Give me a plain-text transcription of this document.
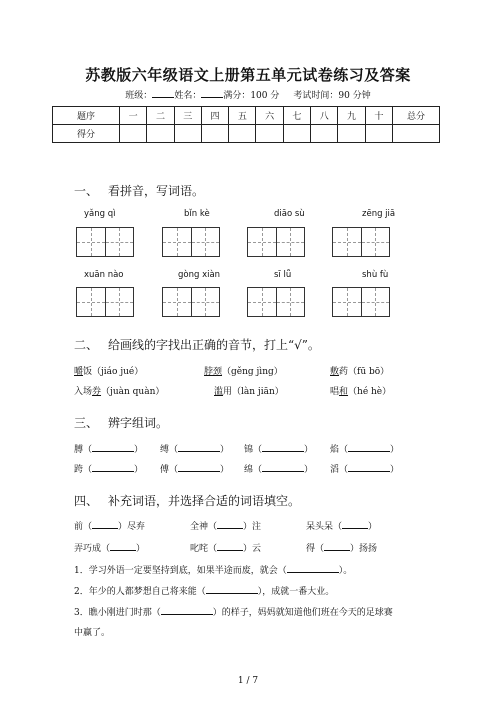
苏教版六年级语文上册第五单元试卷练习及答案
班级： 姓名： 满分：100 分 考试时间：90 分钟
题序	一	二	三	四	五	六	七	八	九	十	总分
得分											
一、 看拼音，写词语。
yǎng qì	bǐn kè	diāo sù	zēng jiā
xuān nào	gòng xiàn	sī lǚ	shù fù
二、 给画线的字找出正确的音节，打上“√”。
嚼饭（jiáo jué）	脖颈（gěng jìng）	敷药（fū bō）
入场券（juàn quàn）	滥用（làn jiān）	唱和（hé hè）
三、 辨字组词。
膊（	） 缚（	） 锦（	） 焰（	）
跨（	） 傅（	） 绵（	） 滔（	）
四、 补充词语，并选择合适的词语填空。
前（	）尽弃	全神（	）注	呆头呆（	）
弄巧成（	）	叱咤（	）云	得（	）扬扬
1．学习外语一定要坚持到底，如果半途而废，就会（	）。
2．年少的人都梦想自己将来能（	），成就一番大业。
3．瞧小刚进门时那（	）的样子，妈妈就知道他们班在今天的足球赛
中赢了。
1 / 7
